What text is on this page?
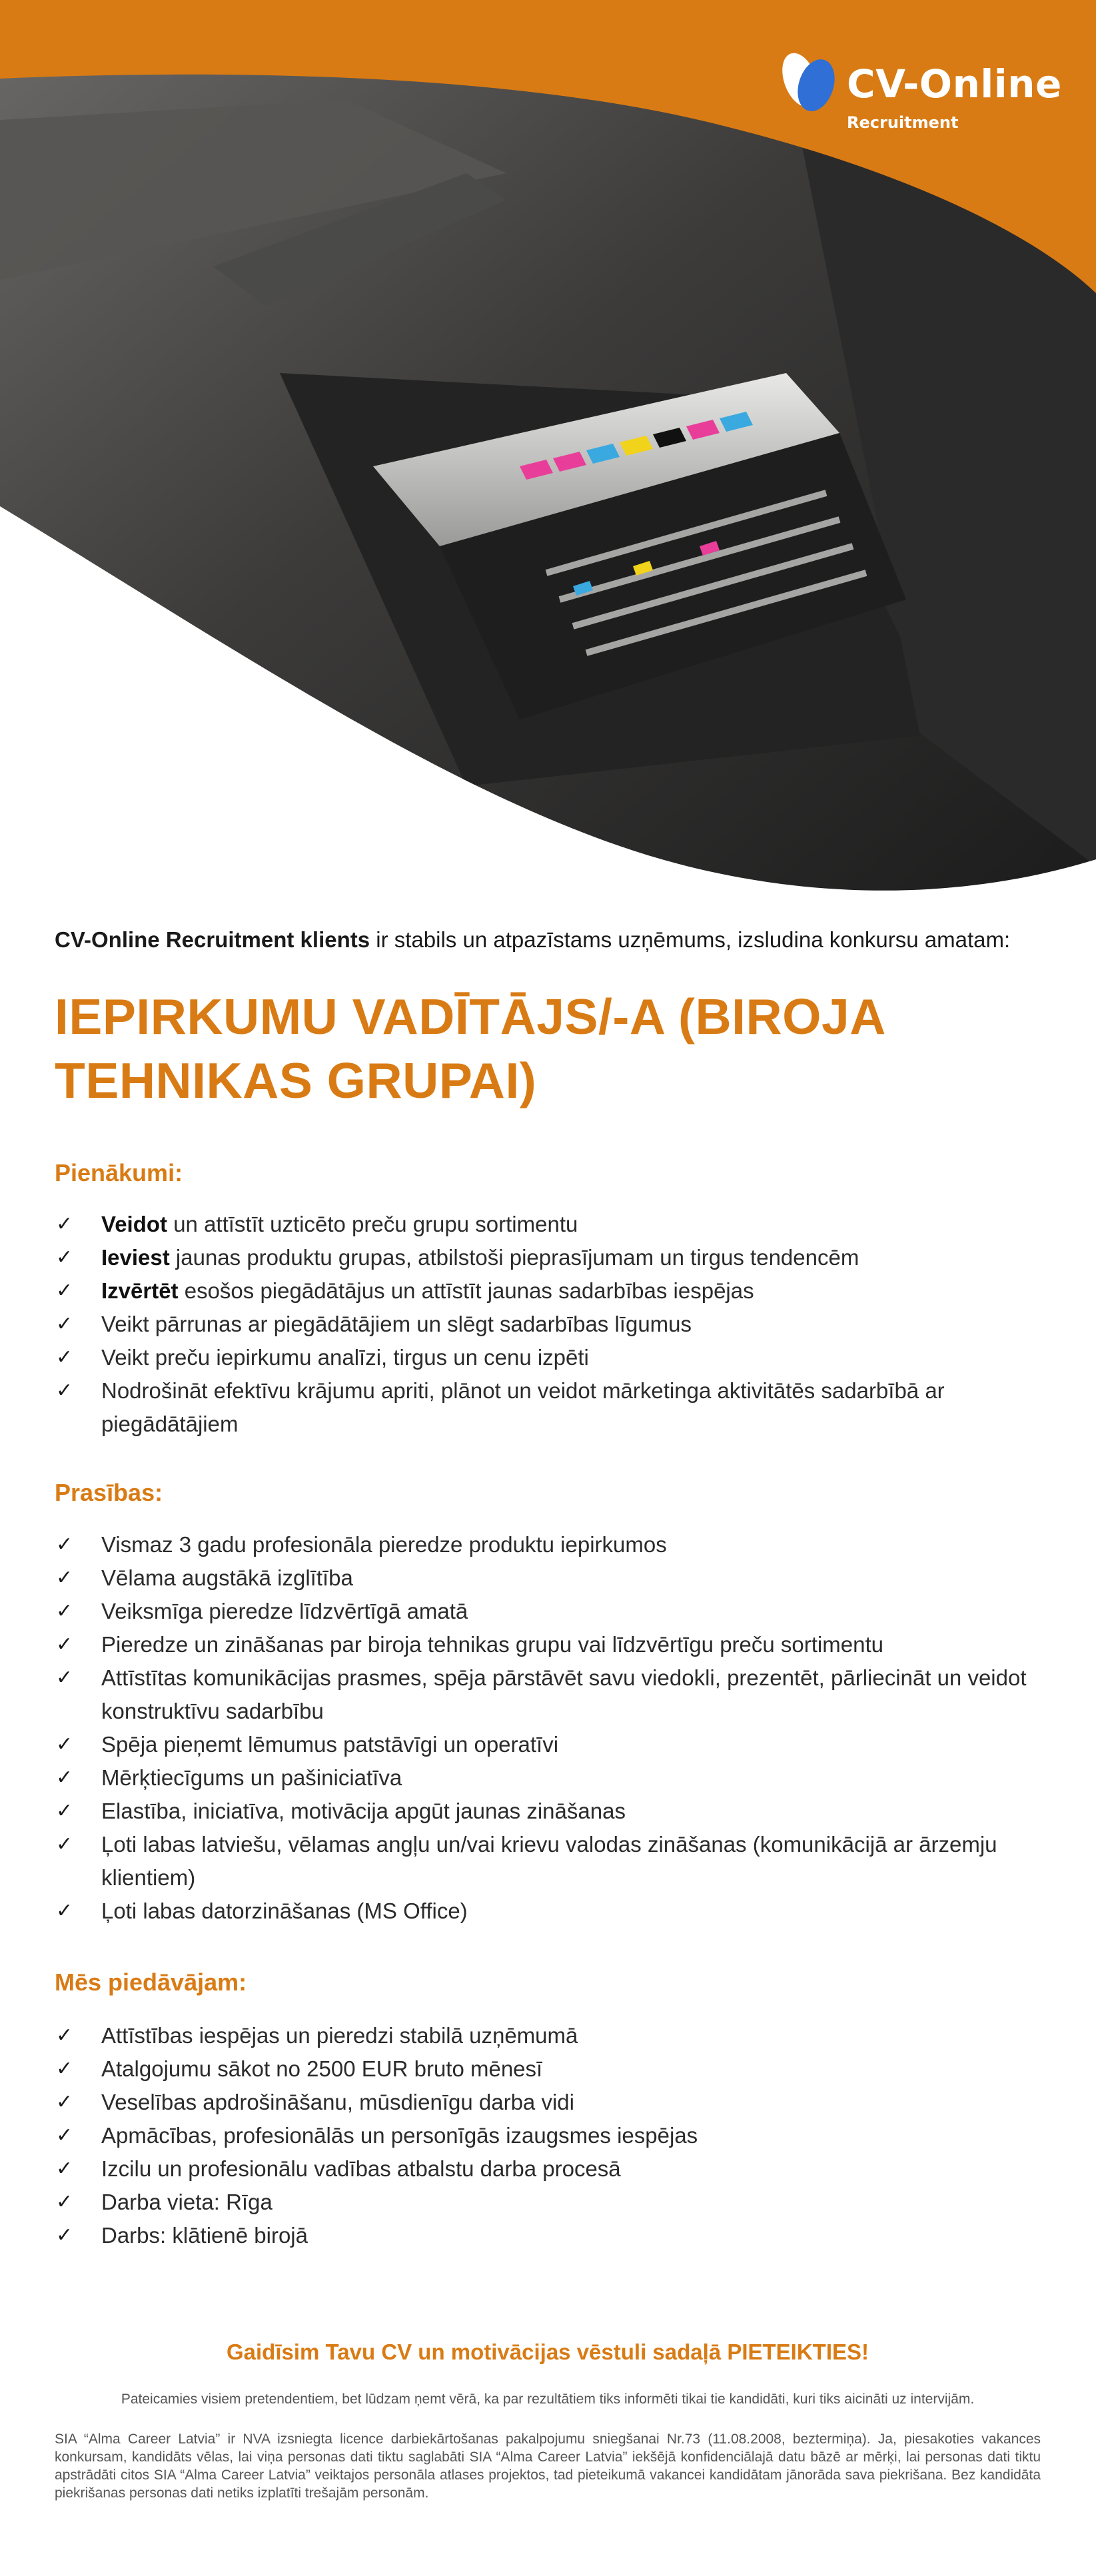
CV-Online
Recruitment
CV-Online Recruitment klients ir stabils un atpazīstams uzņēmums, izsludina konkursu amatam:
IEPIRKUMU VADĪTĀJS/-A (BIROJA TEHNIKAS GRUPAI)
Pienākumi:
✓ Veidot un attīstīt uzticēto preču grupu sortimentu
✓ Ieviest jaunas produktu grupas, atbilstoši pieprasījumam un tirgus tendencēm
✓ Izvērtēt esošos piegādātājus un attīstīt jaunas sadarbības iespējas
✓ Veikt pārrunas ar piegādātājiem un slēgt sadarbības līgumus
✓ Veikt preču iepirkumu analīzi, tirgus un cenu izpēti
✓ Nodrošināt efektīvu krājumu apriti, plānot un veidot mārketinga aktivitātēs sadarbībā ar piegādātājiem
Prasības:
✓ Vismaz 3 gadu profesionāla pieredze produktu iepirkumos
✓ Vēlama augstākā izglītība
✓ Veiksmīga pieredze līdzvērtīgā amatā
✓ Pieredze un zināšanas par biroja tehnikas grupu vai līdzvērtīgu preču sortimentu
✓ Attīstītas komunikācijas prasmes, spēja pārstāvēt savu viedokli, prezentēt, pārliecināt un veidot konstruktīvu sadarbību
✓ Spēja pieņemt lēmumus patstāvīgi un operatīvi
✓ Mērķtiecīgums un pašiniciatīva
✓ Elastība, iniciatīva, motivācija apgūt jaunas zināšanas
✓ Ļoti labas latviešu, vēlamas angļu un/vai krievu valodas zināšanas (komunikācijā ar ārzemju klientiem)
✓ Ļoti labas datorzināšanas (MS Office)
Mēs piedāvājam:
✓ Attīstības iespējas un pieredzi stabilā uzņēmumā
✓ Atalgojumu sākot no 2500 EUR bruto mēnesī
✓ Veselības apdrošināšanu, mūsdienīgu darba vidi
✓ Apmācības, profesionālās un personīgās izaugsmes iespējas
✓ Izcilu un profesionālu vadības atbalstu darba procesā
✓ Darba vieta: Rīga
✓ Darbs: klātienē birojā
Gaidīsim Tavu CV un motivācijas vēstuli sadaļā PIETEIKTIES!
Pateicamies visiem pretendentiem, bet lūdzam ņemt vērā, ka par rezultātiem tiks informēti tikai tie kandidāti, kuri tiks aicināti uz intervijām.
SIA “Alma Career Latvia” ir NVA izsniegta licence darbiekārtošanas pakalpojumu sniegšanai Nr.73 (11.08.2008, beztermiņa). Ja, piesakoties vakances konkursam, kandidāts vēlas, lai viņa personas dati tiktu saglabāti SIA “Alma Career Latvia” iekšējā konfidenciālajā datu bāzē ar mērķi, lai personas dati tiktu apstrādāti citos SIA “Alma Career Latvia” veiktajos personāla atlases projektos, tad pieteikumā vakancei kandidātam jānorāda sava piekrišana. Bez kandidāta piekrišanas personas dati netiks izplatīti trešajām personām.
